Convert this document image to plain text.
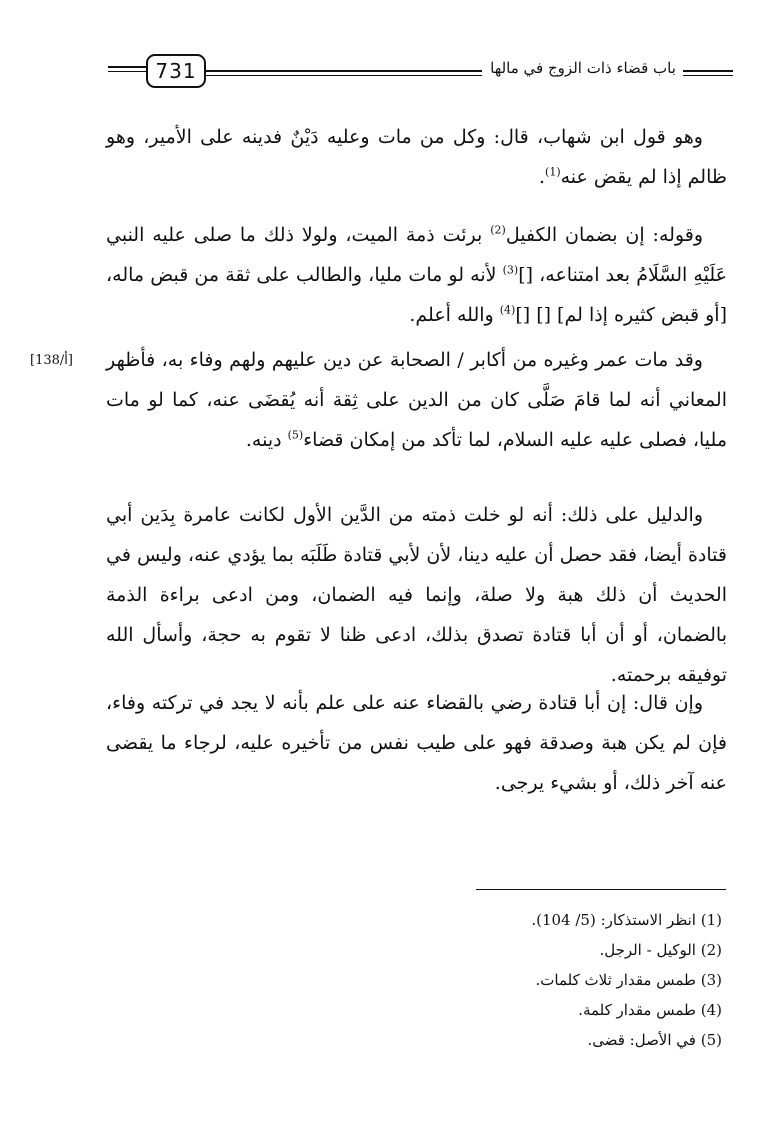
731	باب قضاء ذات الزوج في مالها
[138/أ]
وهو قول ابن شهاب، قال: وكل من مات وعليه دَيْنٌ فدينه على الأمير، وهو ظالم إذا لم يقض عنه$^{(1)}$.
وقوله: إن بضمان الكفيل$^{(2)}$ برئت ذمة الميت، ولولا ذلك ما صلى عليه النبي عَلَيْهِ السَّلَامُ بعد امتناعه، []$^{(3)}$ لأنه لو مات مليا، والطالب على ثقة من قبض ماله، [أو قبض كثيره إذا لم] [] []$^{(4)}$ والله أعلم.
وقد مات عمر وغيره من أكابر / الصحابة عن دين عليهم ولهم وفاء به، فأظهر المعاني أنه لما قامَ صَلَّى كان من الدين على ثِقة أنه يُقضَى عنه، كما لو مات مليا، فصلى عليه عليه السلام، لما تأكد من إمكان قضاء$^{(5)}$ دينه.
والدليل على ذلك: أنه لو خلت ذمته من الدَّين الأول لكانت عامرة بِدَين أبي قتادة أيضا، فقد حصل أن عليه دينا، لأن لأبي قتادة طَلَبَه بما يؤدي عنه، وليس في الحديث أن ذلك هبة ولا صلة، وإنما فيه الضمان، ومن ادعى براءة الذمة بالضمان، أو أن أبا قتادة تصدق بذلك، ادعى ظنا لا تقوم به حجة، وأسأل الله توفيقه برحمته.
وإن قال: إن أبا قتادة رضي بالقضاء عنه على علم بأنه لا يجد في تركته وفاء، فإن لم يكن هبة وصدقة فهو على طيب نفس من تأخيره عليه، لرجاء ما يقضى عنه آخر ذلك، أو بشيء يرجى.
(1) انظر الاستذكار: (5/ 104).
(2) الوكيل - الرجل.
(3) طمس مقدار ثلاث كلمات.
(4) طمس مقدار كلمة.
(5) في الأصل: قضى.
